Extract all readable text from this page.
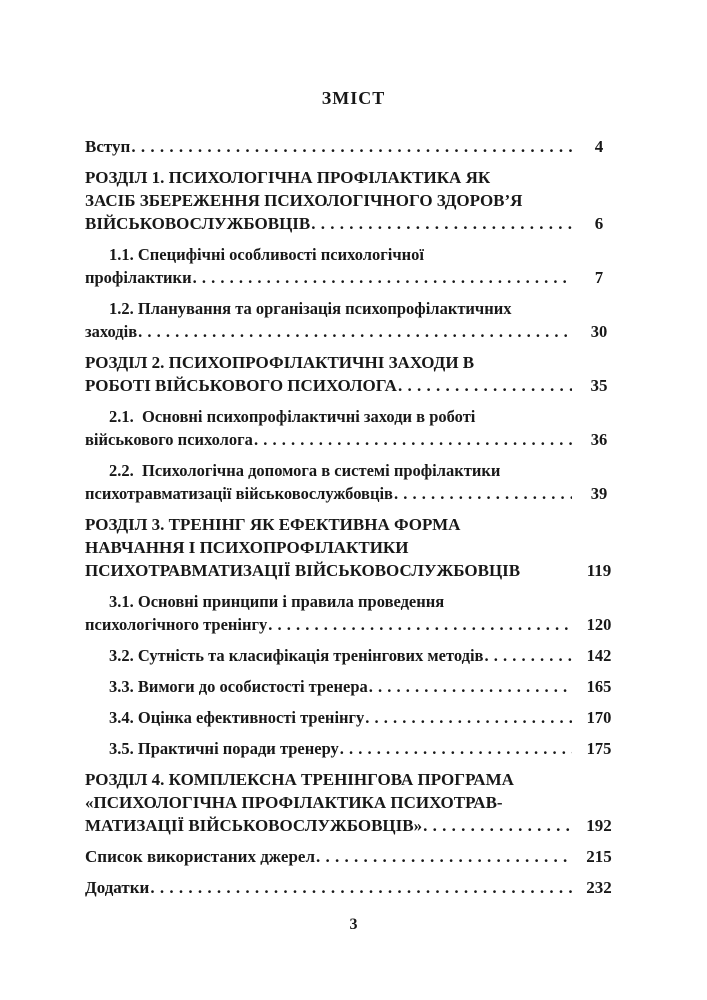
ЗМІСТ
Вступ . . .	4
РОЗДІЛ 1. ПСИХОЛОГІЧНА ПРОФІЛАКТИКА ЯК
ЗАСІБ ЗБЕРЕЖЕННЯ ПСИХОЛОГІЧНОГО ЗДОРОВ’Я
ВІЙСЬКОВОСЛУЖБОВЦІВ . . .	6
1.1. Специфічні особливості психологічної
профілактики . . .	7
1.2. Планування та організація психопрофілактичних
заходів . . .	30
РОЗДІЛ 2. ПСИХОПРОФІЛАКТИЧНІ ЗАХОДИ В
РОБОТІ ВІЙСЬКОВОГО ПСИХОЛОГА . . .	35
2.1.  Основні психопрофілактичні заходи в роботі
військового психолога . . .	36
2.2.  Психологічна допомога в системі профілактики
психотравматизації військовослужбовців . . .	39
РОЗДІЛ 3. ТРЕНІНГ ЯК ЕФЕКТИВНА ФОРМА
НАВЧАННЯ І ПСИХОПРОФІЛАКТИКИ
ПСИХОТРАВМАТИЗАЦІЇ ВІЙСЬКОВОСЛУЖБОВЦІВ	119
3.1. Основні принципи і правила проведення
психологічного тренінгу . . .	120
3.2. Сутність та класифікація тренінгових методів . . .	142
3.3. Вимоги до особистості тренера . . .	165
3.4. Оцінка ефективності тренінгу . . .	170
3.5. Практичні поради тренеру . . .	175
РОЗДІЛ 4. КОМПЛЕКСНА ТРЕНІНГОВА ПРОГРАМА
«ПСИХОЛОГІЧНА ПРОФІЛАКТИКА ПСИХОТРАВ-
МАТИЗАЦІЇ ВІЙСЬКОВОСЛУЖБОВЦІВ» . . .	192
Список використаних джерел . . .	215
Додатки . . .	232
3
